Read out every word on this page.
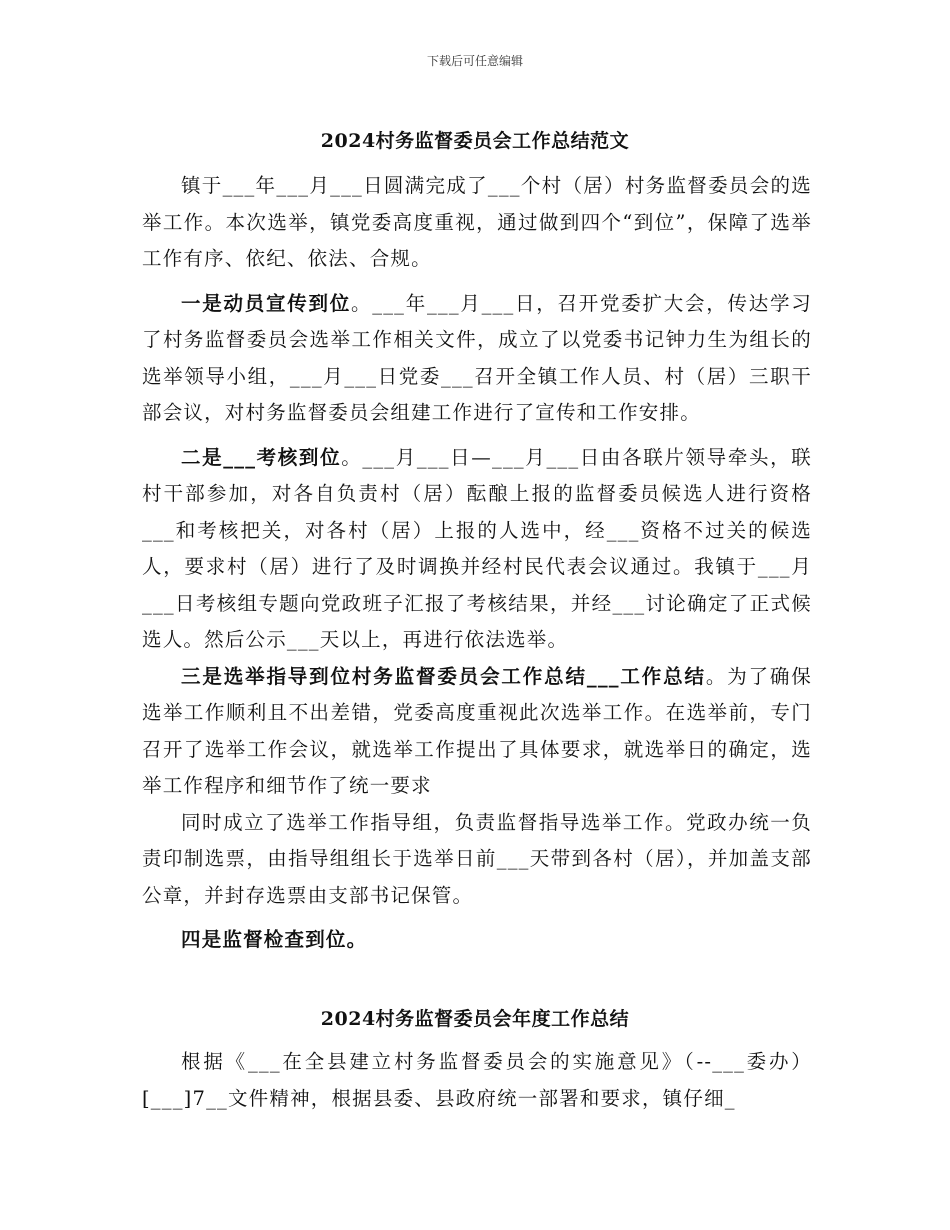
下载后可任意编辑
2024村务监督委员会工作总结范文

镇于___年___月___日圆满完成了___个村（居）村务监督委员会的选举工作。本次选举，镇党委高度重视，通过做到四个“到位”，保障了选举工作有序、依纪、依法、合规。

一是动员宣传到位。___年___月___日，召开党委扩大会，传达学习了村务监督委员会选举工作相关文件，成立了以党委书记钟力生为组长的选举领导小组，___月___日党委___召开全镇工作人员、村（居）三职干部会议，对村务监督委员会组建工作进行了宣传和工作安排。

二是___考核到位。___月___日—___月___日由各联片领导牵头，联村干部参加，对各自负责村（居）酝酿上报的监督委员候选人进行资格___和考核把关，对各村（居）上报的人选中，经___资格不过关的候选人，要求村（居）进行了及时调换并经村民代表会议通过。我镇于___月___日考核组专题向党政班子汇报了考核结果，并经___讨论确定了正式候选人。然后公示___天以上，再进行依法选举。

三是选举指导到位村务监督委员会工作总结___工作总结。为了确保选举工作顺利且不出差错，党委高度重视此次选举工作。在选举前，专门召开了选举工作会议，就选举工作提出了具体要求，就选举日的确定，选举工作程序和细节作了统一要求

同时成立了选举工作指导组，负责监督指导选举工作。党政办统一负责印制选票，由指导组组长于选举日前___天带到各村（居），并加盖支部公章，并封存选票由支部书记保管。

四是监督检查到位。

2024村务监督委员会年度工作总结

根据《___在全县建立村务监督委员会的实施意见》（--___委办）[___]7__文件精神，根据县委、县政府统一部署和要求，镇仔细_
